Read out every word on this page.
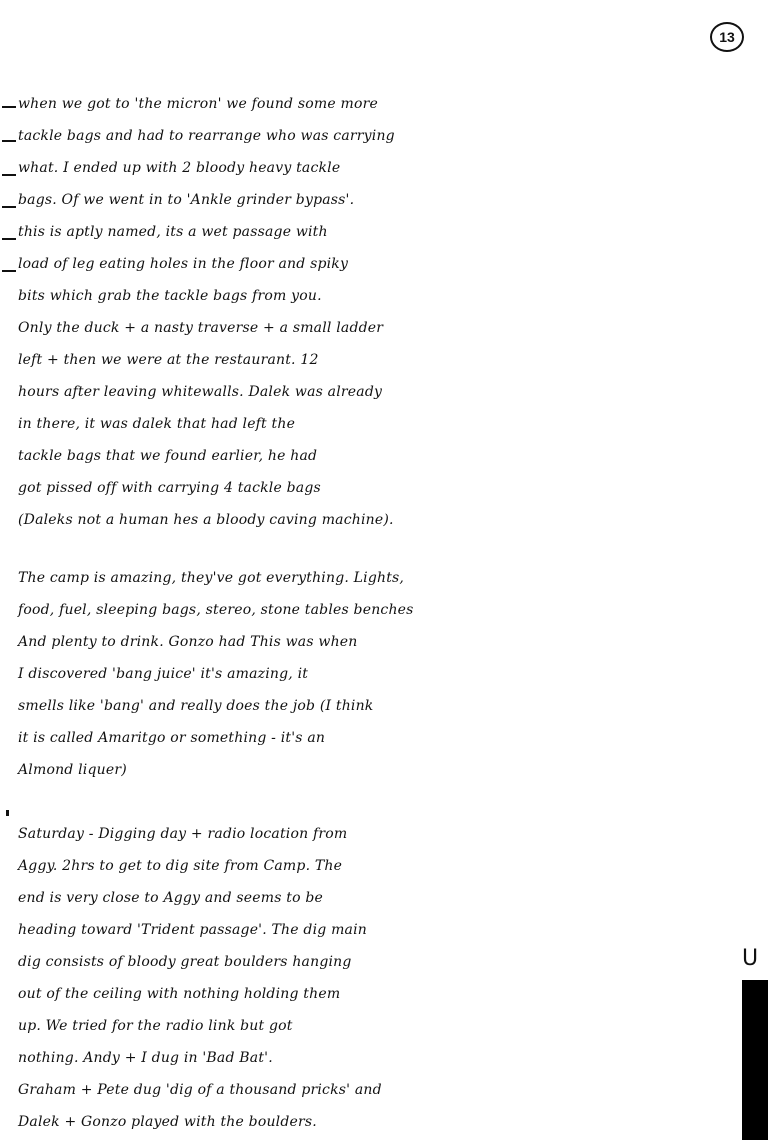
13
when we got to 'the micron' we found some more
tackle bags and had to rearrange who was carrying
what. I ended up with 2 bloody heavy tackle
bags. Of we went in to 'Ankle grinder bypass'.
this is aptly named, its a wet passage with
load of leg eating holes in the floor and spiky
bits which grab the tackle bags from you.
Only the duck + a nasty traverse + a small ladder
left + then we were at the restaurant. 12
hours after leaving whitewalls. Dalek was already
in there, it was dalek that had left the
tackle bags that we found earlier, he had
got pissed off with carrying 4 tackle bags
(Daleks not a human hes a bloody caving machine).
The camp is amazing, they've got everything. Lights,
food, fuel, sleeping bags, stereo, stone tables benches
And plenty to drink. Gonzo had This was when
I discovered 'bang juice' it's amazing, it
smells like 'bang' and really does the job (I think
it is called Amaritgo or something - it's an
Almond liquer)
Saturday - Digging day + radio location from
Aggy. 2hrs to get to dig site from Camp. The
end is very close to Aggy and seems to be
heading toward 'Trident passage'. The dig main
dig consists of bloody great boulders hanging
out of the ceiling with nothing holding them
up. We tried for the radio link but got
nothing. Andy + I dug in 'Bad Bat'.
Graham + Pete dug 'dig of a thousand pricks' and
Dalek + Gonzo played with the boulders.
U
